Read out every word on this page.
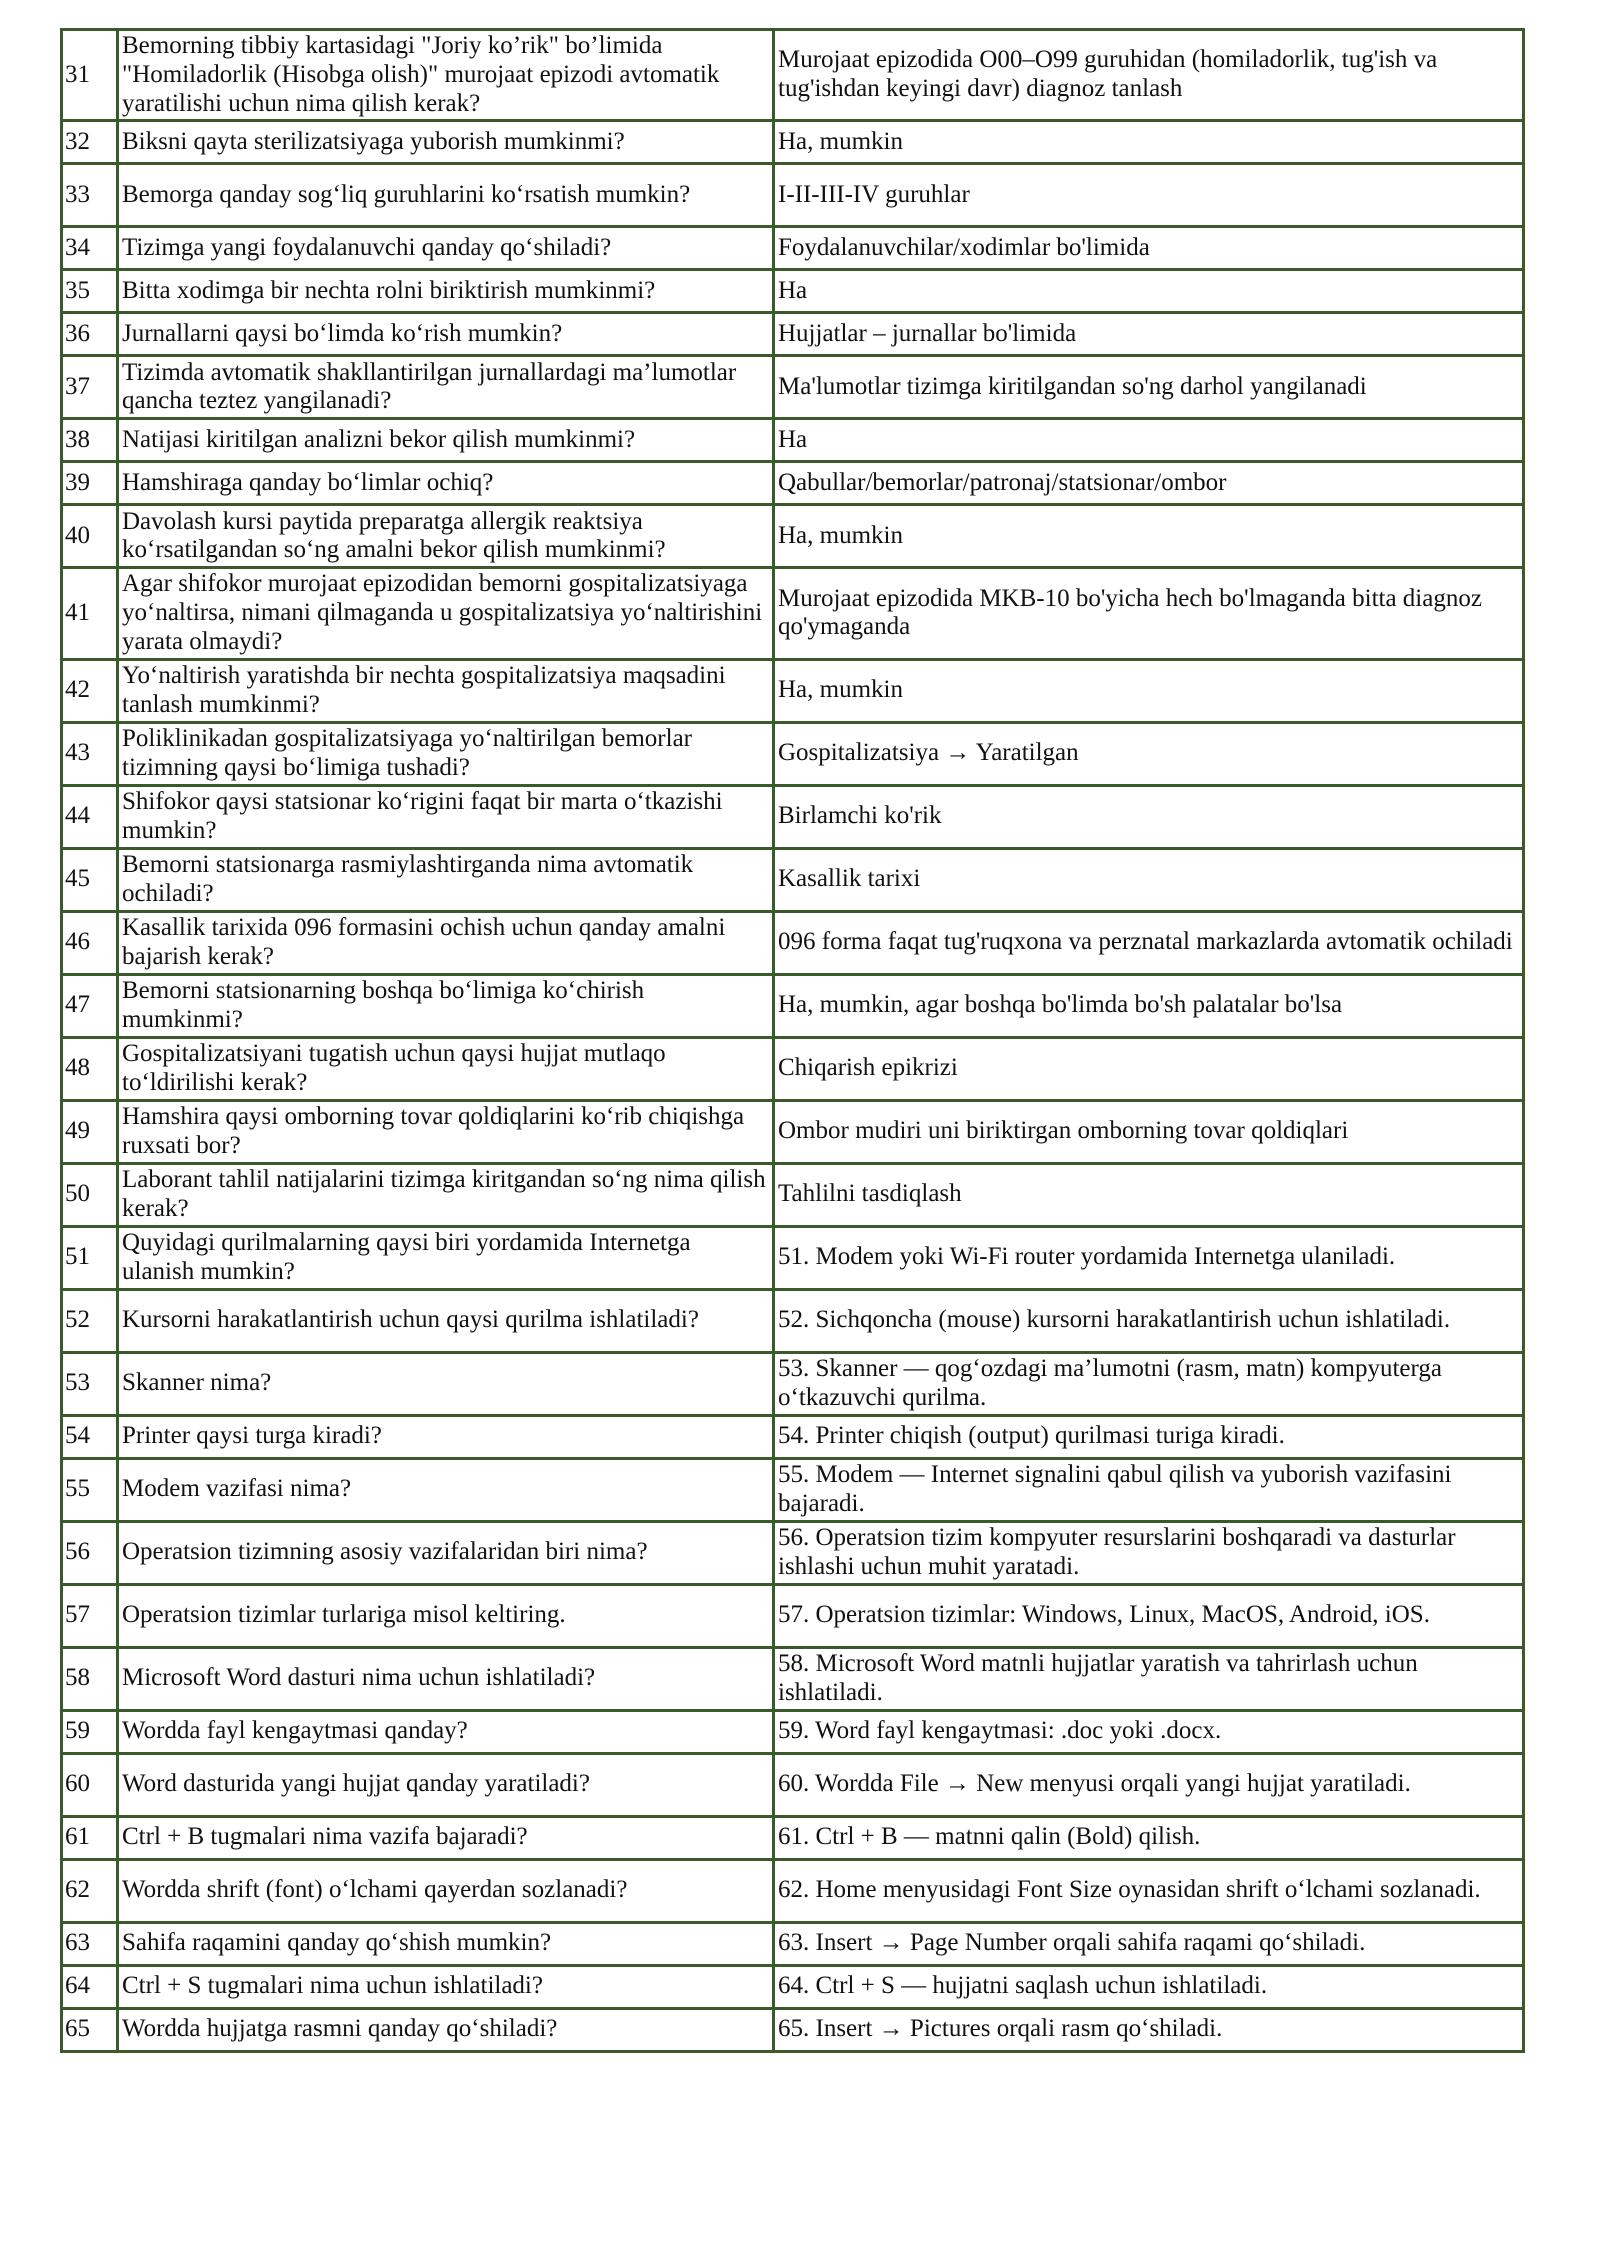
31	Bemorning tibbiy kartasidagi "Joriy ko’rik" bo’limida "Homiladorlik (Hisobga olish)" murojaat epizodi avtomatik yaratilishi uchun nima qilish kerak?	Murojaat epizodida O00–O99 guruhidan (homiladorlik, tug'ish va tug'ishdan keyingi davr) diagnoz tanlash
32	Biksni qayta sterilizatsiyaga yuborish mumkinmi?	Ha, mumkin
33	Bemorga qanday sog‘liq guruhlarini ko‘rsatish mumkin?	I-II-III-IV guruhlar
34	Tizimga yangi foydalanuvchi qanday qo‘shiladi?	Foydalanuvchilar/xodimlar bo'limida
35	Bitta xodimga bir nechta rolni biriktirish mumkinmi?	Ha
36	Jurnallarni qaysi bo‘limda ko‘rish mumkin?	Hujjatlar – jurnallar bo'limida
37	Tizimda avtomatik shakllantirilgan jurnallardagi ma’lumotlar qancha teztez yangilanadi?	Ma'lumotlar tizimga kiritilgandan so'ng darhol yangilanadi
38	Natijasi kiritilgan analizni bekor qilish mumkinmi?	Ha
39	Hamshiraga qanday bo‘limlar ochiq?	Qabullar/bemorlar/patronaj/statsionar/ombor
40	Davolash kursi paytida preparatga allergik reaktsiya ko‘rsatilgandan so‘ng amalni bekor qilish mumkinmi?	Ha, mumkin
41	Agar shifokor murojaat epizodidan bemorni gospitalizatsiyaga yo‘naltirsa, nimani qilmaganda u gospitalizatsiya yo‘naltirishini yarata olmaydi?	Murojaat epizodida MKB-10 bo'yicha hech bo'lmaganda bitta diagnoz qo'ymaganda
42	Yo‘naltirish yaratishda bir nechta gospitalizatsiya maqsadini tanlash mumkinmi?	Ha, mumkin
43	Poliklinikadan gospitalizatsiyaga yo‘naltirilgan bemorlar tizimning qaysi bo‘limiga tushadi?	Gospitalizatsiya → Yaratilgan
44	Shifokor qaysi statsionar ko‘rigini faqat bir marta o‘tkazishi mumkin?	Birlamchi ko'rik
45	Bemorni statsionarga rasmiylashtirganda nima avtomatik ochiladi?	Kasallik tarixi
46	Kasallik tarixida 096 formasini ochish uchun qanday amalni bajarish kerak?	096 forma faqat tug'ruqxona va perznatal markazlarda avtomatik ochiladi
47	Bemorni statsionarning boshqa bo‘limiga ko‘chirish mumkinmi?	Ha, mumkin, agar boshqa bo'limda bo'sh palatalar bo'lsa
48	Gospitalizatsiyani tugatish uchun qaysi hujjat mutlaqo to‘ldirilishi kerak?	Chiqarish epikrizi
49	Hamshira qaysi omborning tovar qoldiqlarini ko‘rib chiqishga ruxsati bor?	Ombor mudiri uni biriktirgan omborning tovar qoldiqlari
50	Laborant tahlil natijalarini tizimga kiritgandan so‘ng nima qilish kerak?	Tahlilni tasdiqlash
51	Quyidagi qurilmalarning qaysi biri yordamida Internetga ulanish mumkin?	51. Modem yoki Wi-Fi router yordamida Internetga ulaniladi.
52	Kursorni harakatlantirish uchun qaysi qurilma ishlatiladi?	52. Sichqoncha (mouse) kursorni harakatlantirish uchun ishlatiladi.
53	Skanner nima?	53. Skanner — qog‘ozdagi ma’lumotni (rasm, matn) kompyuterga o‘tkazuvchi qurilma.
54	Printer qaysi turga kiradi?	54. Printer chiqish (output) qurilmasi turiga kiradi.
55	Modem vazifasi nima?	55. Modem — Internet signalini qabul qilish va yuborish vazifasini bajaradi.
56	Operatsion tizimning asosiy vazifalaridan biri nima?	56. Operatsion tizim kompyuter resurslarini boshqaradi va dasturlar ishlashi uchun muhit yaratadi.
57	Operatsion tizimlar turlariga misol keltiring.	57. Operatsion tizimlar: Windows, Linux, MacOS, Android, iOS.
58	Microsoft Word dasturi nima uchun ishlatiladi?	58. Microsoft Word matnli hujjatlar yaratish va tahrirlash uchun ishlatiladi.
59	Wordda fayl kengaytmasi qanday?	59. Word fayl kengaytmasi: .doc yoki .docx.
60	Word dasturida yangi hujjat qanday yaratiladi?	60. Wordda File → New menyusi orqali yangi hujjat yaratiladi.
61	Ctrl + B tugmalari nima vazifa bajaradi?	61. Ctrl + B — matnni qalin (Bold) qilish.
62	Wordda shrift (font) o‘lchami qayerdan sozlanadi?	62. Home menyusidagi Font Size oynasidan shrift o‘lchami sozlanadi.
63	Sahifa raqamini qanday qo‘shish mumkin?	63. Insert → Page Number orqali sahifa raqami qo‘shiladi.
64	Ctrl + S tugmalari nima uchun ishlatiladi?	64. Ctrl + S — hujjatni saqlash uchun ishlatiladi.
65	Wordda hujjatga rasmni qanday qo‘shiladi?	65. Insert → Pictures orqali rasm qo‘shiladi.
